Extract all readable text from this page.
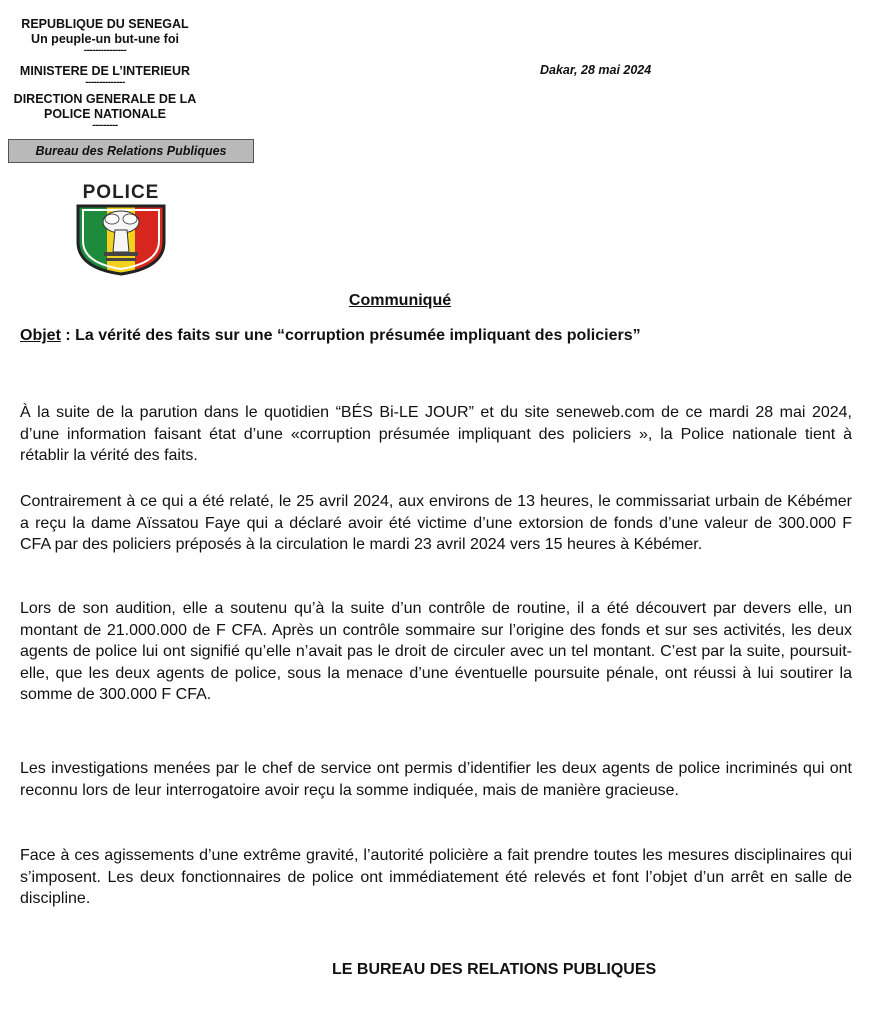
REPUBLIQUE DU SENEGAL
Un peuple-un but-une foi
---------------
MINISTERE DE L’INTERIEUR
--------------
DIRECTION GENERALE DE LA
POLICE NATIONALE
---------
Bureau des Relations Publiques
Dakar, 28 mai 2024
POLICE
Communiqué
Objet : La vérité des faits sur une “corruption présumée impliquant des policiers”

À la suite de la parution dans le quotidien “BÉS Bi-LE JOUR” et du site seneweb.com de ce mardi 28 mai 2024, d’une information faisant état d’une «corruption présumée impliquant des policiers », la Police nationale tient à rétablir la vérité des faits.

Contrairement à ce qui a été relaté, le 25 avril 2024, aux environs de 13 heures, le commissariat urbain de Kébémer a reçu la dame Aïssatou Faye qui a déclaré avoir été victime d’une extorsion de fonds d’une valeur de 300.000 F CFA par des policiers préposés à la circulation le mardi 23 avril 2024 vers 15 heures à Kébémer.

Lors de son audition, elle a soutenu qu’à la suite d’un contrôle de routine, il a été découvert par devers elle, un montant de 21.000.000 de F CFA. Après un contrôle sommaire sur l’origine des fonds et sur ses activités, les deux agents de police lui ont signifié qu’elle n’avait pas le droit de circuler avec un tel montant. C’est par la suite, poursuit-elle, que les deux agents de police, sous la menace d’une éventuelle poursuite pénale, ont réussi à lui soutirer la somme de 300.000 F CFA.

Les investigations menées par le chef de service ont permis d’identifier les deux agents de police incriminés qui ont reconnu lors de leur interrogatoire avoir reçu la somme indiquée, mais de manière gracieuse.

Face à ces agissements d’une extrême gravité, l’autorité policière a fait prendre toutes les mesures disciplinaires qui s’imposent. Les deux fonctionnaires de police ont immédiatement été relevés et font l’objet d’un arrêt en salle de discipline.

LE BUREAU DES RELATIONS PUBLIQUES
